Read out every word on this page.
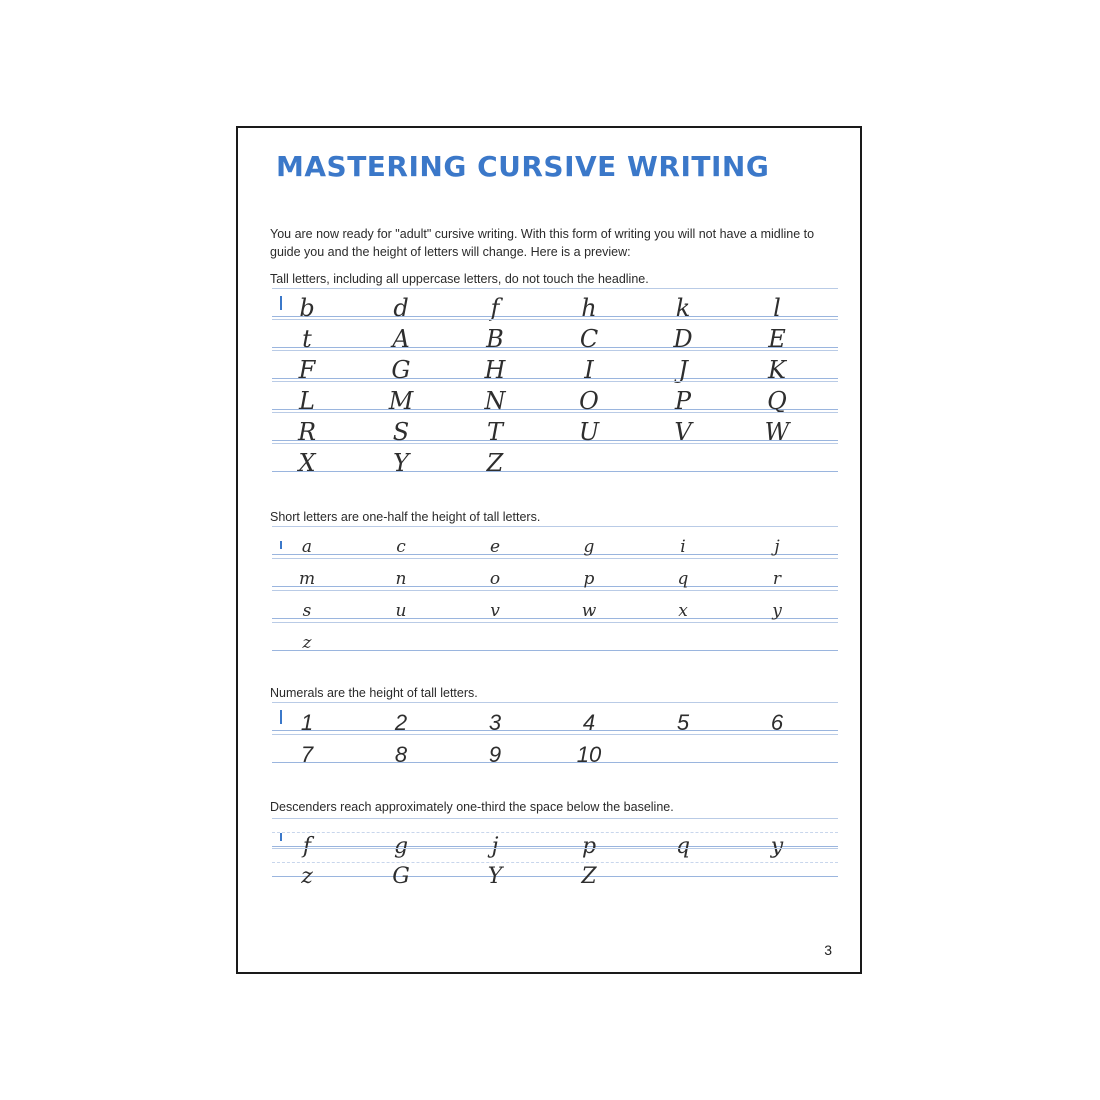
MASTERING CURSIVE WRITING

You are now ready for "adult" cursive writing. With this form of writing you will not have a midline to guide you and the height of letters will change. Here is a preview:

Tall letters, including all uppercase letters, do not touch the headline.

b	d	f	h	k	l
t	A	B	C	D	E
F	G	H	I	J	K
L	M	N	O	P	Q
R	S	T	U	V	W
X	Y	Z

Short letters are one-half the height of tall letters.

a	c	e	g	i	j
m	n	o	p	q	r
s	u	v	w	x	y
z

Numerals are the height of tall letters.

1	2	3	4	5	6
7	8	9	10

Descenders reach approximately one-third the space below the baseline.

f	g	j	p	q	y
z	G	Y	Z
3
